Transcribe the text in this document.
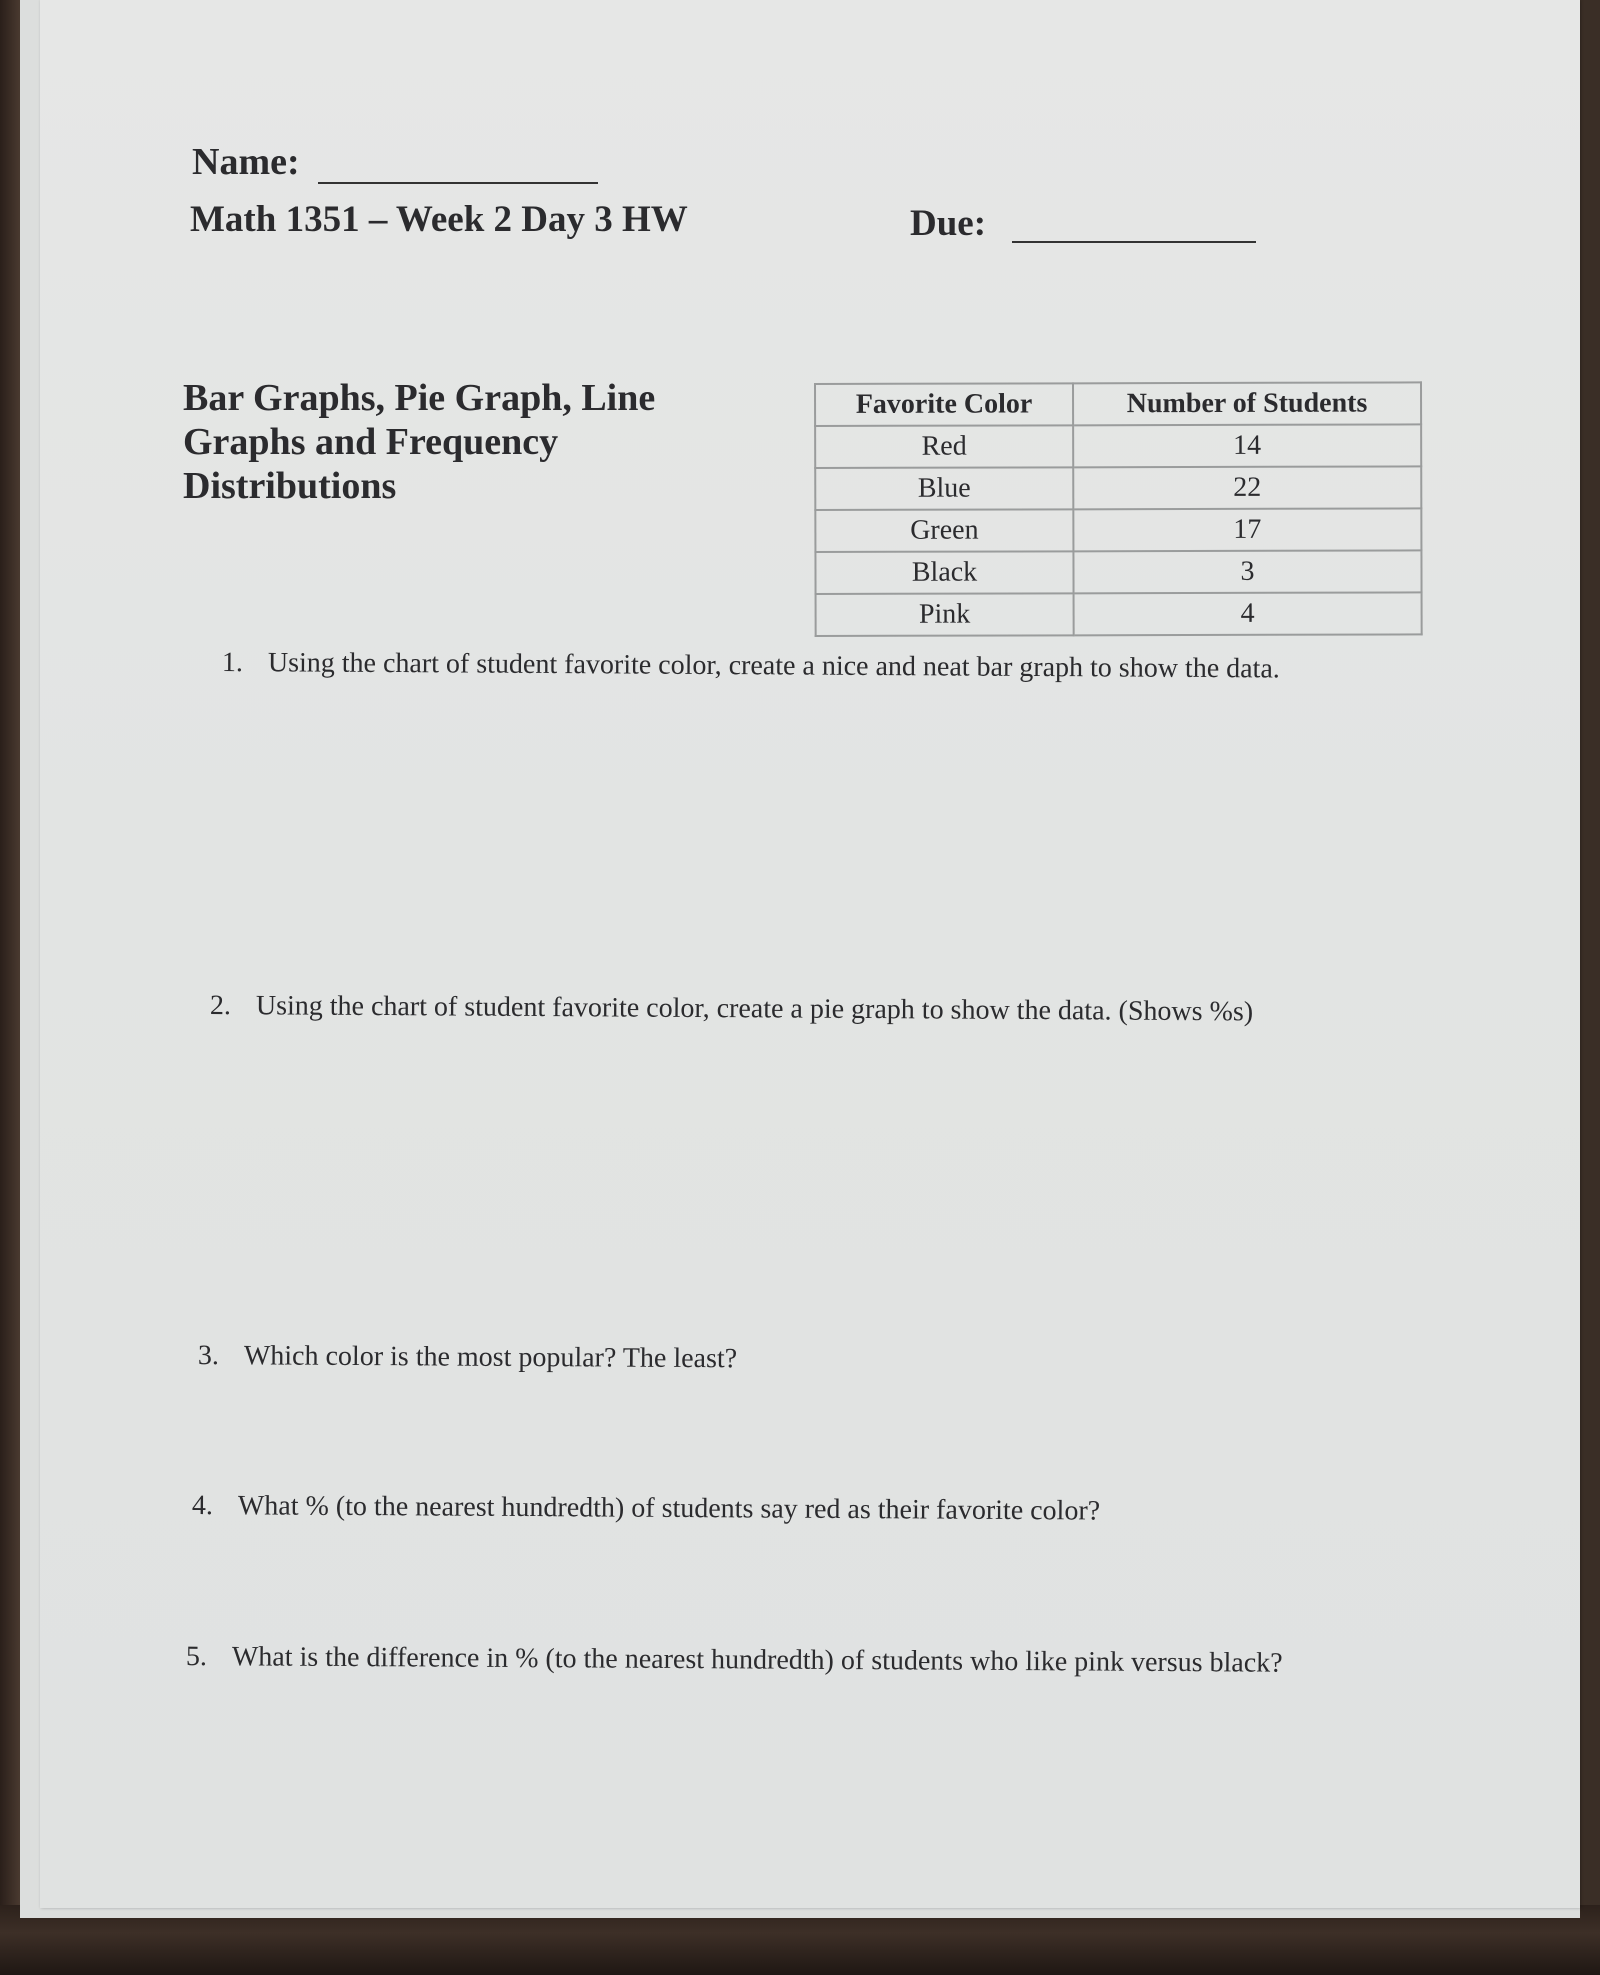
Name:
Math 1351 – Week 2 Day 3 HW	Due:
Bar Graphs, Pie Graph, Line
Graphs and Frequency
Distributions
Favorite Color	Number of Students
Red	14
Blue	22
Green	17
Black	3
Pink	4
1. Using the chart of student favorite color, create a nice and neat bar graph to show the data.
2. Using the chart of student favorite color, create a pie graph to show the data. (Shows %s)
3. Which color is the most popular? The least?
4. What % (to the nearest hundredth) of students say red as their favorite color?
5. What is the difference in % (to the nearest hundredth) of students who like pink versus black?
